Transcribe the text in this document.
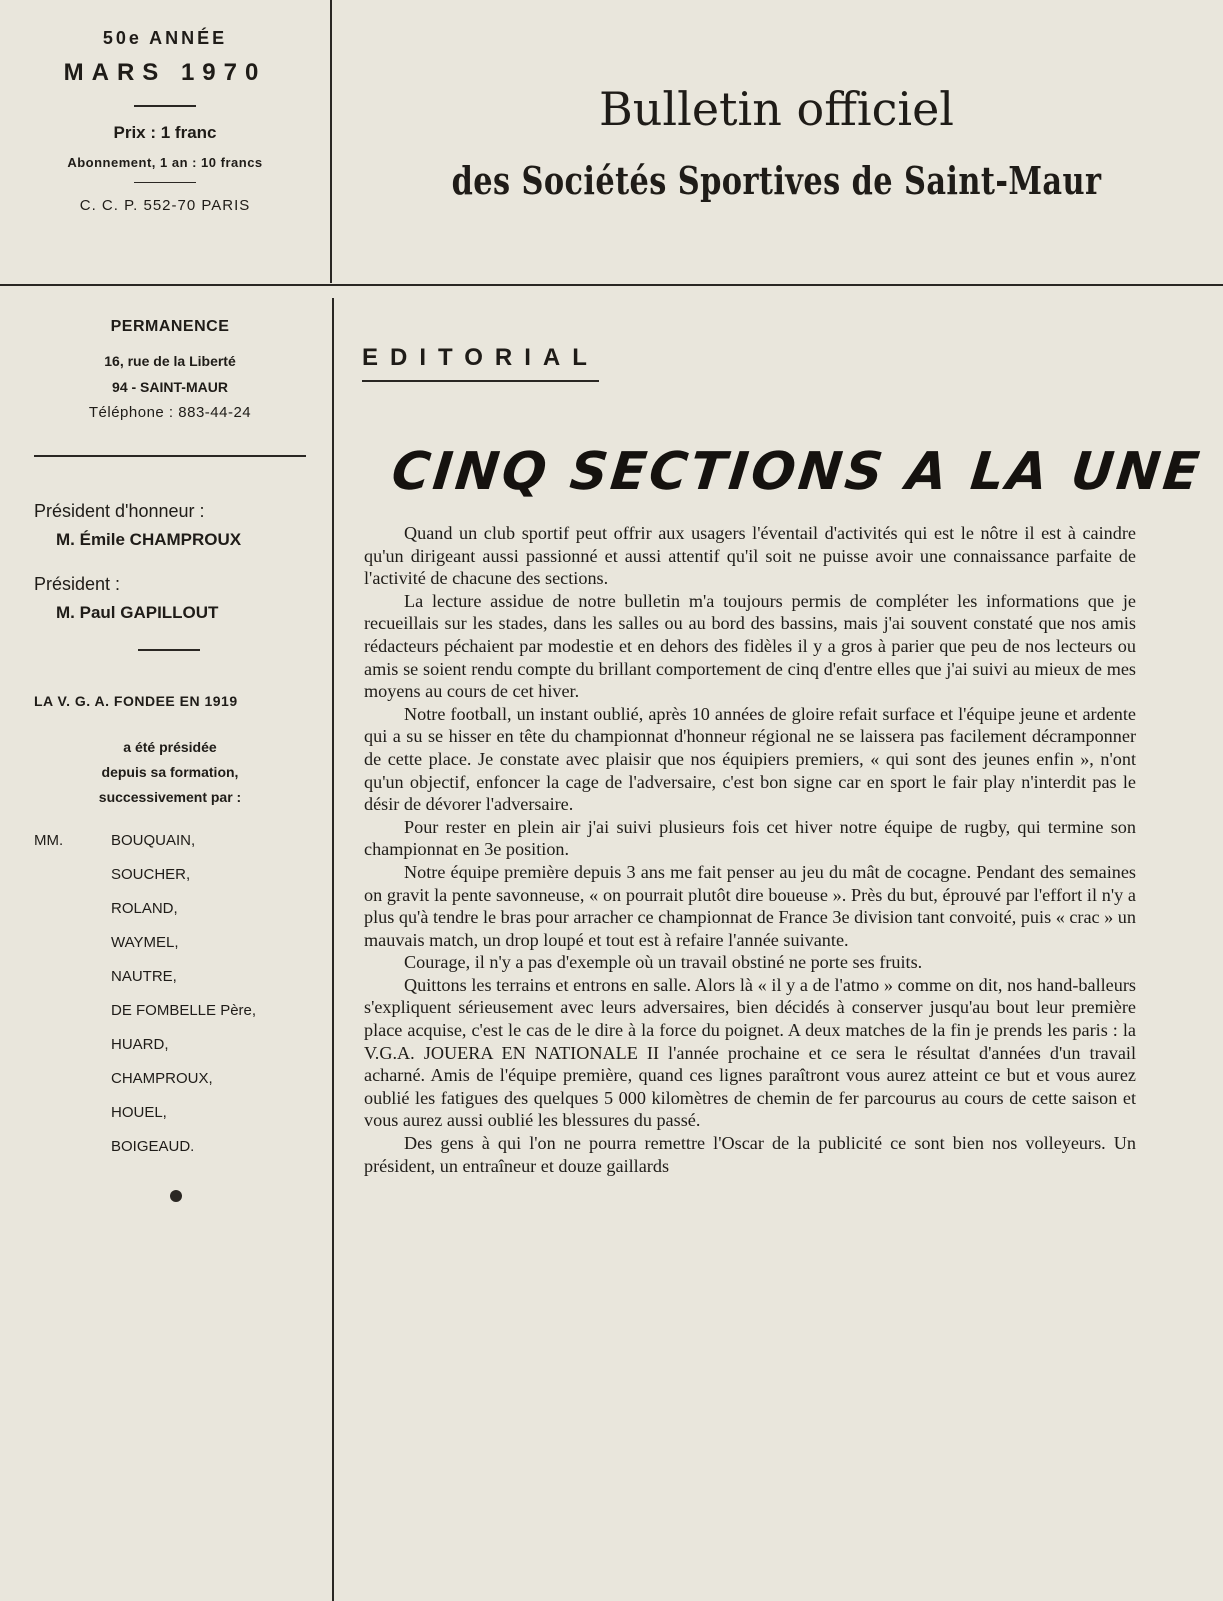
50e ANNÉE
MARS 1970
Prix : 1 franc
Abonnement, 1 an : 10 francs
C. C. P. 552-70 PARIS
Bulletin officiel
des Sociétés Sportives de Saint-Maur
PERMANENCE
16, rue de la Liberté
94 - SAINT-MAUR
Téléphone : 883-44-24
Président d'honneur :
M. Émile CHAMPROUX
Président :
M. Paul GAPILLOUT
LA V. G. A. FONDEE EN 1919
a été présidée
depuis sa formation,
successivement par :
MM.	BOUQUAIN,
SOUCHER,
ROLAND,
WAYMEL,
NAUTRE,
DE FOMBELLE Père,
HUARD,
CHAMPROUX,
HOUEL,
BOIGEAUD.
EDITORIAL
CINQ SECTIONS A LA UNE

Quand un club sportif peut offrir aux usagers l'éventail d'activités qui est le nôtre il est à caindre qu'un dirigeant aussi passionné et aussi attentif qu'il soit ne puisse avoir une connaissance parfaite de l'activité de chacune des sections.

La lecture assidue de notre bulletin m'a toujours permis de compléter les informations que je recueillais sur les stades, dans les salles ou au bord des bassins, mais j'ai souvent constaté que nos amis rédacteurs péchaient par modestie et en dehors des fidèles il y a gros à parier que peu de nos lecteurs ou amis se soient rendu compte du brillant comportement de cinq d'entre elles que j'ai suivi au mieux de mes moyens au cours de cet hiver.

Notre football, un instant oublié, après 10 années de gloire refait surface et l'équipe jeune et ardente qui a su se hisser en tête du championnat d'honneur régional ne se laissera pas facilement décramponner de cette place. Je constate avec plaisir que nos équipiers premiers, « qui sont des jeunes enfin », n'ont qu'un objectif, enfoncer la cage de l'adversaire, c'est bon signe car en sport le fair play n'interdit pas le désir de dévorer l'adversaire.

Pour rester en plein air j'ai suivi plusieurs fois cet hiver notre équipe de rugby, qui termine son championnat en 3e position.

Notre équipe première depuis 3 ans me fait penser au jeu du mât de cocagne. Pendant des semaines on gravit la pente savonneuse, « on pourrait plutôt dire boueuse ». Près du but, éprouvé par l'effort il n'y a plus qu'à tendre le bras pour arracher ce championnat de France 3e division tant convoité, puis « crac » un mauvais match, un drop loupé et tout est à refaire l'année suivante.

Courage, il n'y a pas d'exemple où un travail obstiné ne porte ses fruits.

Quittons les terrains et entrons en salle. Alors là « il y a de l'atmo » comme on dit, nos hand-balleurs s'expliquent sérieusement avec leurs adversaires, bien décidés à conserver jusqu'au bout leur première place acquise, c'est le cas de le dire à la force du poignet. A deux matches de la fin je prends les paris : la V.G.A. JOUERA EN NATIONALE II l'année prochaine et ce sera le résultat d'années d'un travail acharné. Amis de l'équipe première, quand ces lignes paraîtront vous aurez atteint ce but et vous aurez oublié les fatigues des quelques 5 000 kilomètres de chemin de fer parcourus au cours de cette saison et vous aurez aussi oublié les blessures du passé.

Des gens à qui l'on ne pourra remettre l'Oscar de la publicité ce sont bien nos volleyeurs. Un président, un entraîneur et douze gaillards
